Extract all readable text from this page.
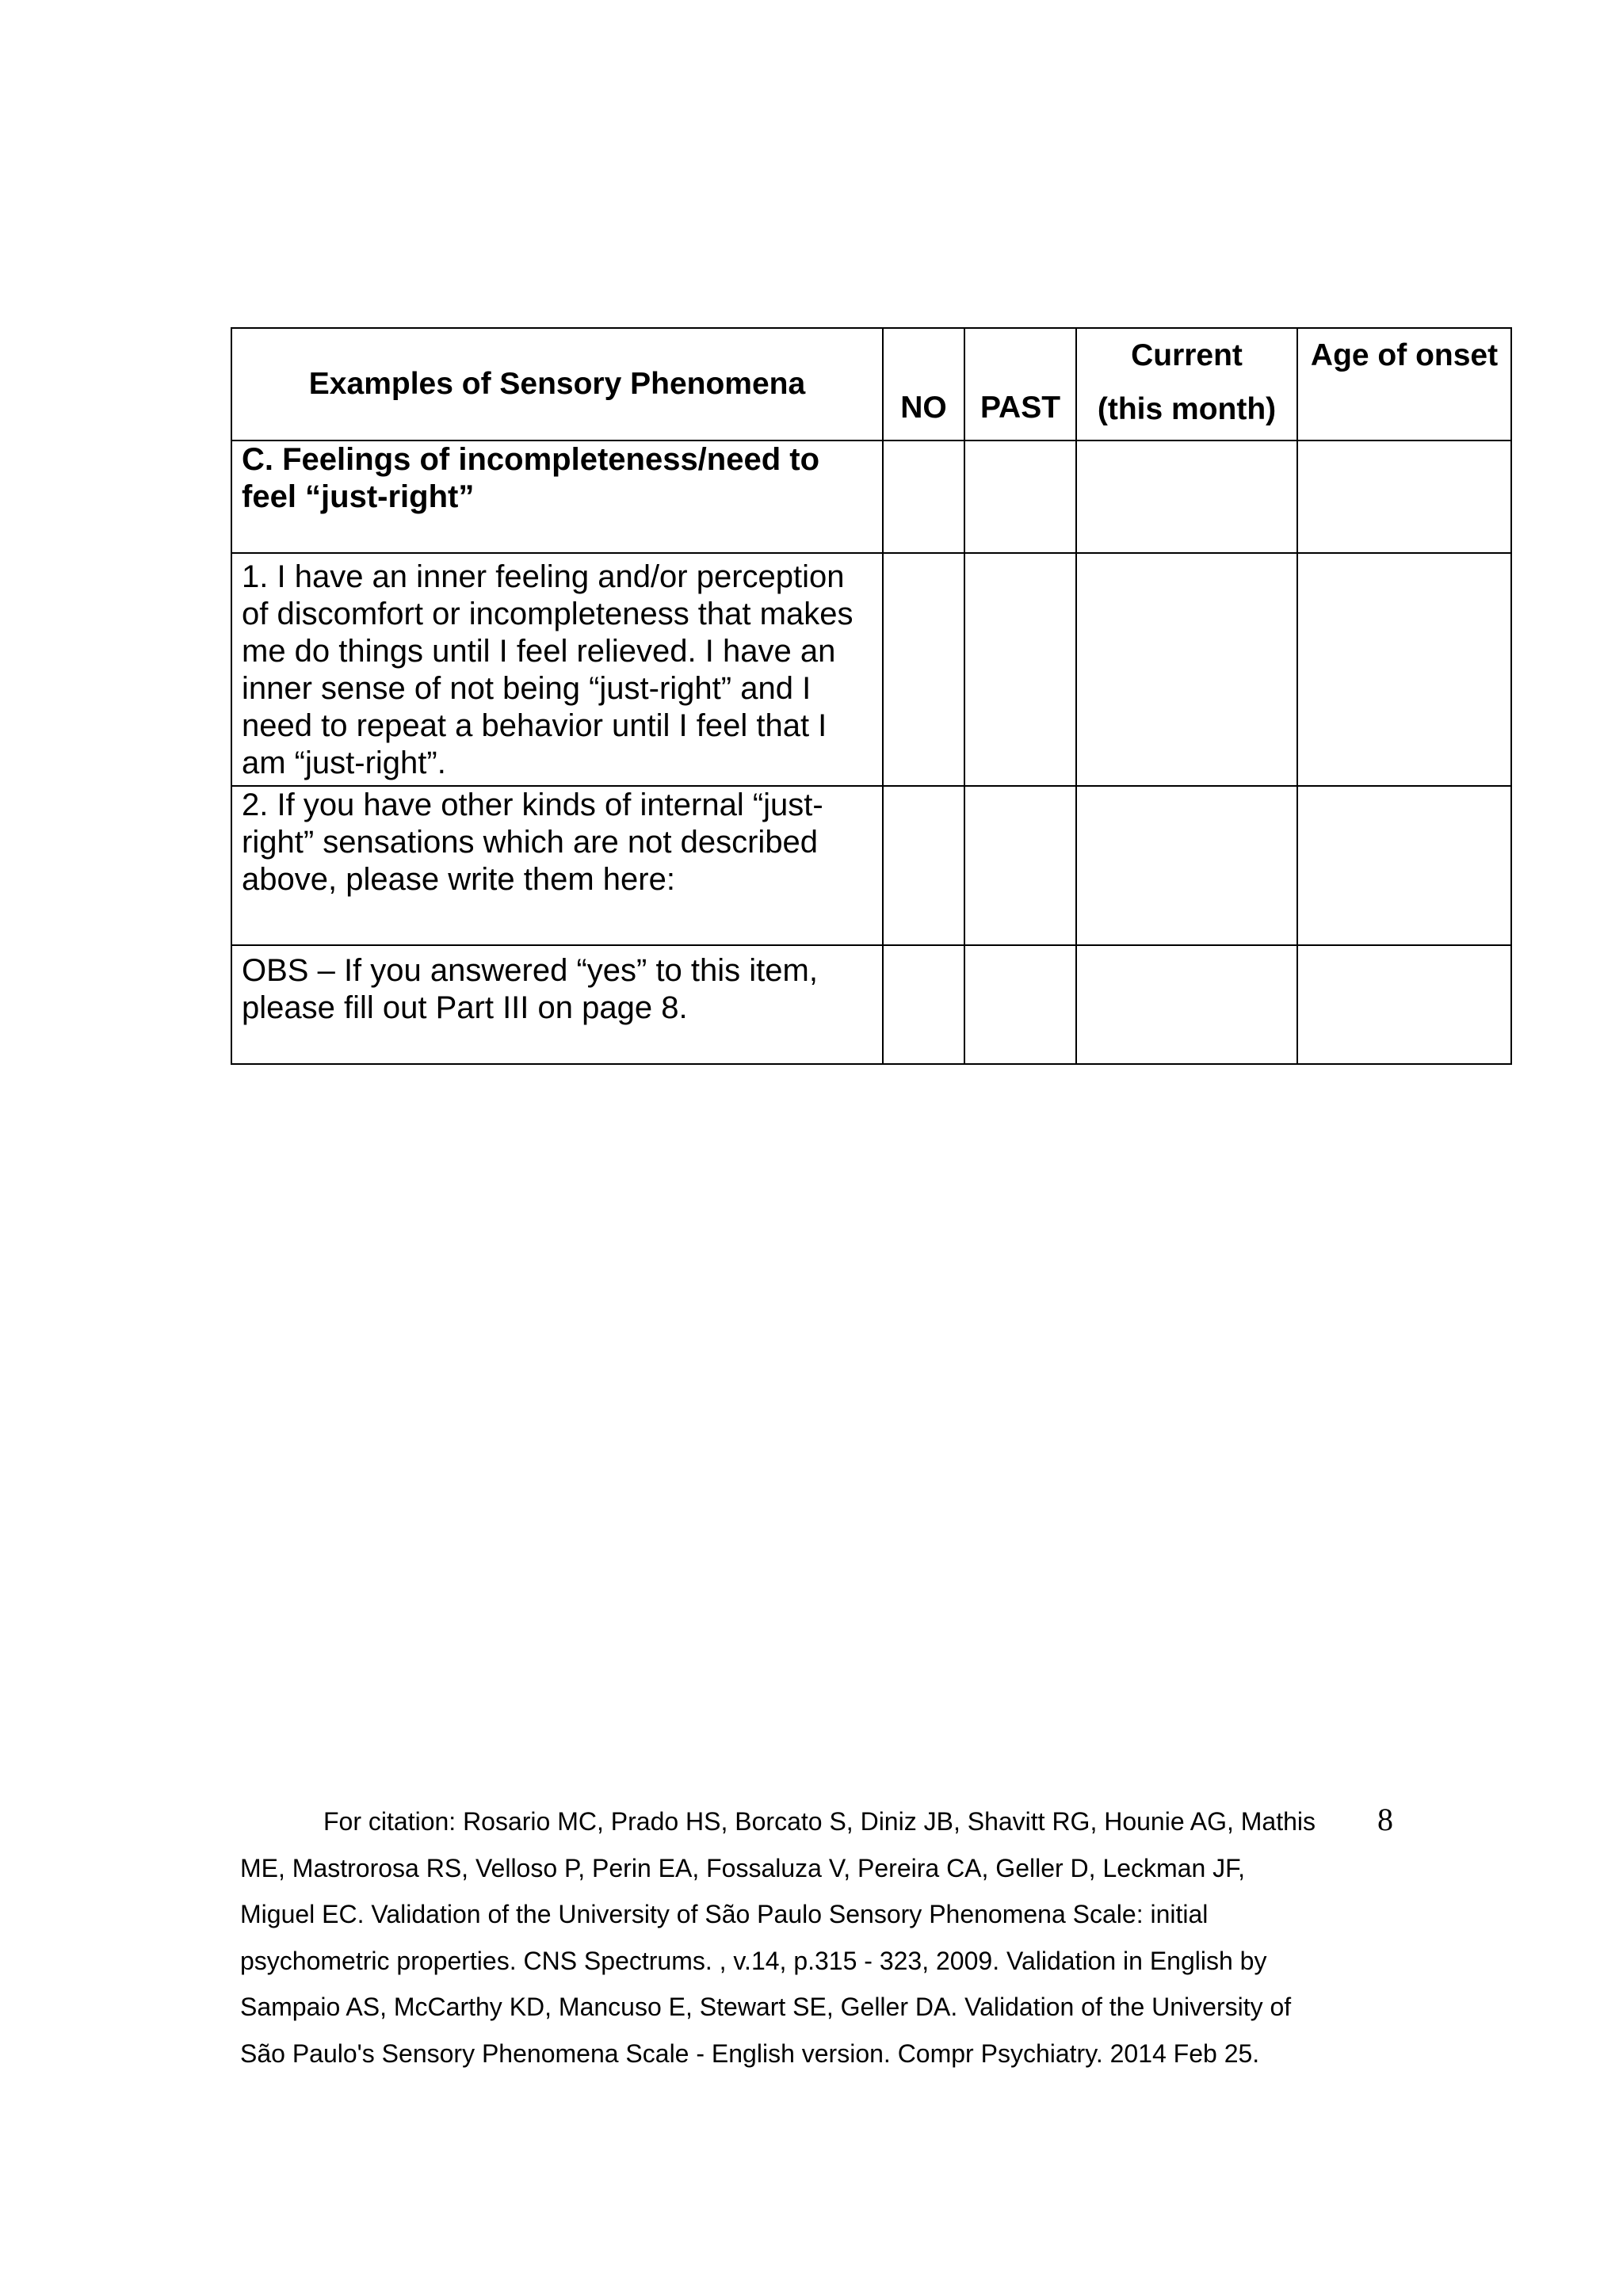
Examples of Sensory Phenomena
NO	PAST
Current
(this month)
Age of onset
C. Feelings of incompleteness/need to
feel “just-right”
1. I have an inner feeling and/or perception
of discomfort or incompleteness that makes
me do things until I feel relieved. I have an
inner sense of not being “just-right” and I
need to repeat a behavior until I feel that I
am “just-right”.
2. If you have other kinds of internal “just-
right” sensations which are not described
above, please write them here:
OBS – If you answered “yes” to this item,
please fill out Part III on page 8.
For citation: Rosario MC, Prado HS, Borcato S, Diniz JB, Shavitt RG, Hounie AG, Mathis
ME, Mastrorosa RS, Velloso P, Perin EA, Fossaluza V, Pereira CA, Geller D, Leckman JF,
Miguel EC. Validation of the University of São Paulo Sensory Phenomena Scale: initial
psychometric properties. CNS Spectrums. , v.14, p.315 - 323, 2009. Validation in English by
Sampaio AS, McCarthy KD, Mancuso E, Stewart SE, Geller DA. Validation of the University of
São Paulo's Sensory Phenomena Scale - English version. Compr Psychiatry. 2014 Feb 25.
8
